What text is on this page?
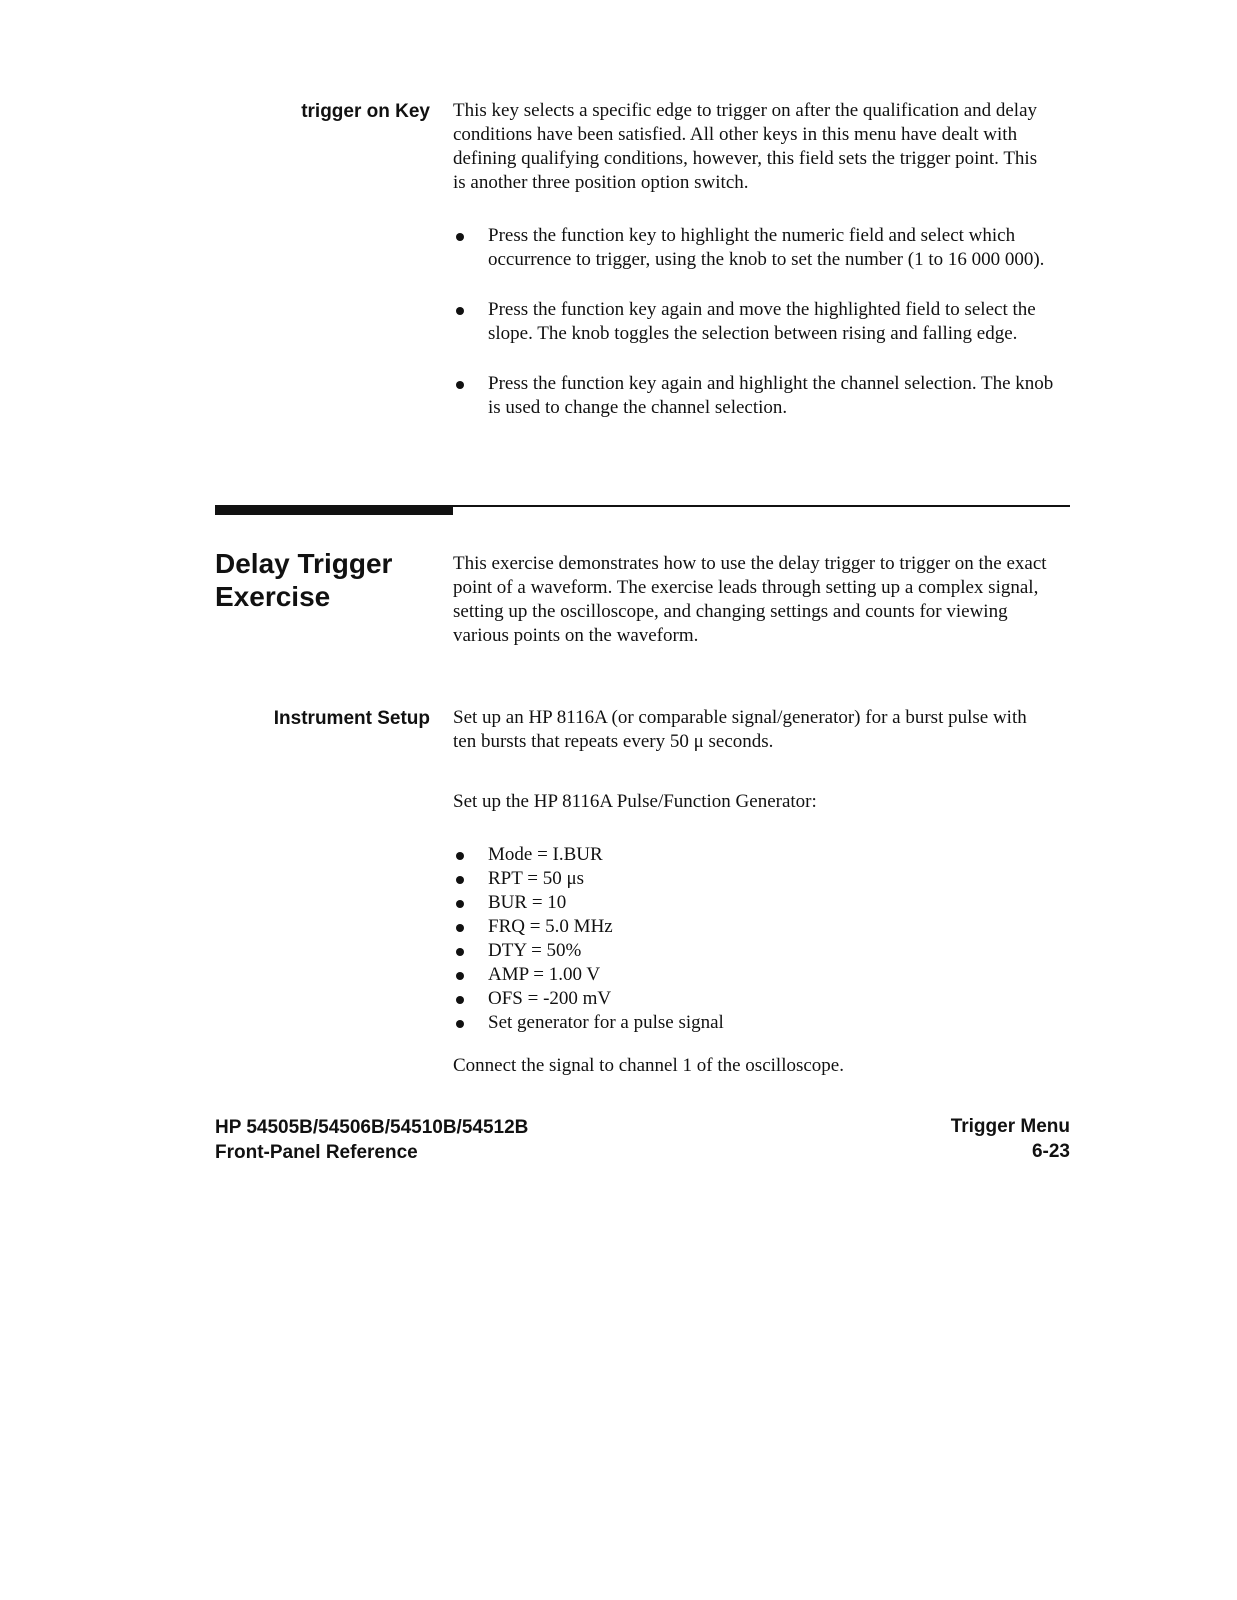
trigger on Key This key selects a specific edge to trigger on after the qualification and delay conditions have been satisfied. All other keys in this menu have dealt with defining qualifying conditions, however, this field sets the trigger point. This is another three position option switch.
Press the function key to highlight the numeric field and select which occurrence to trigger, using the knob to set the number (1 to 16 000 000).
Press the function key again and move the highlighted field to select the slope. The knob toggles the selection between rising and falling edge.
Press the function key again and highlight the channel selection. The knob is used to change the channel selection.
Delay Trigger
Exercise
This exercise demonstrates how to use the delay trigger to trigger on the exact point of a waveform. The exercise leads through setting up a complex signal, setting up the oscilloscope, and changing settings and counts for viewing various points on the waveform.
Instrument Setup Set up an HP 8116A (or comparable signal/generator) for a burst pulse with ten bursts that repeats every 50 μ seconds.
Set up the HP 8116A Pulse/Function Generator:
Mode = I.BUR
RPT = 50 μs
BUR = 10
FRQ = 5.0 MHz
DTY = 50%
AMP = 1.00 V
OFS = -200 mV
Set generator for a pulse signal
Connect the signal to channel 1 of the oscilloscope.
HP 54505B/54506B/54510B/54512B
Front-Panel Reference
Trigger Menu
6-23
